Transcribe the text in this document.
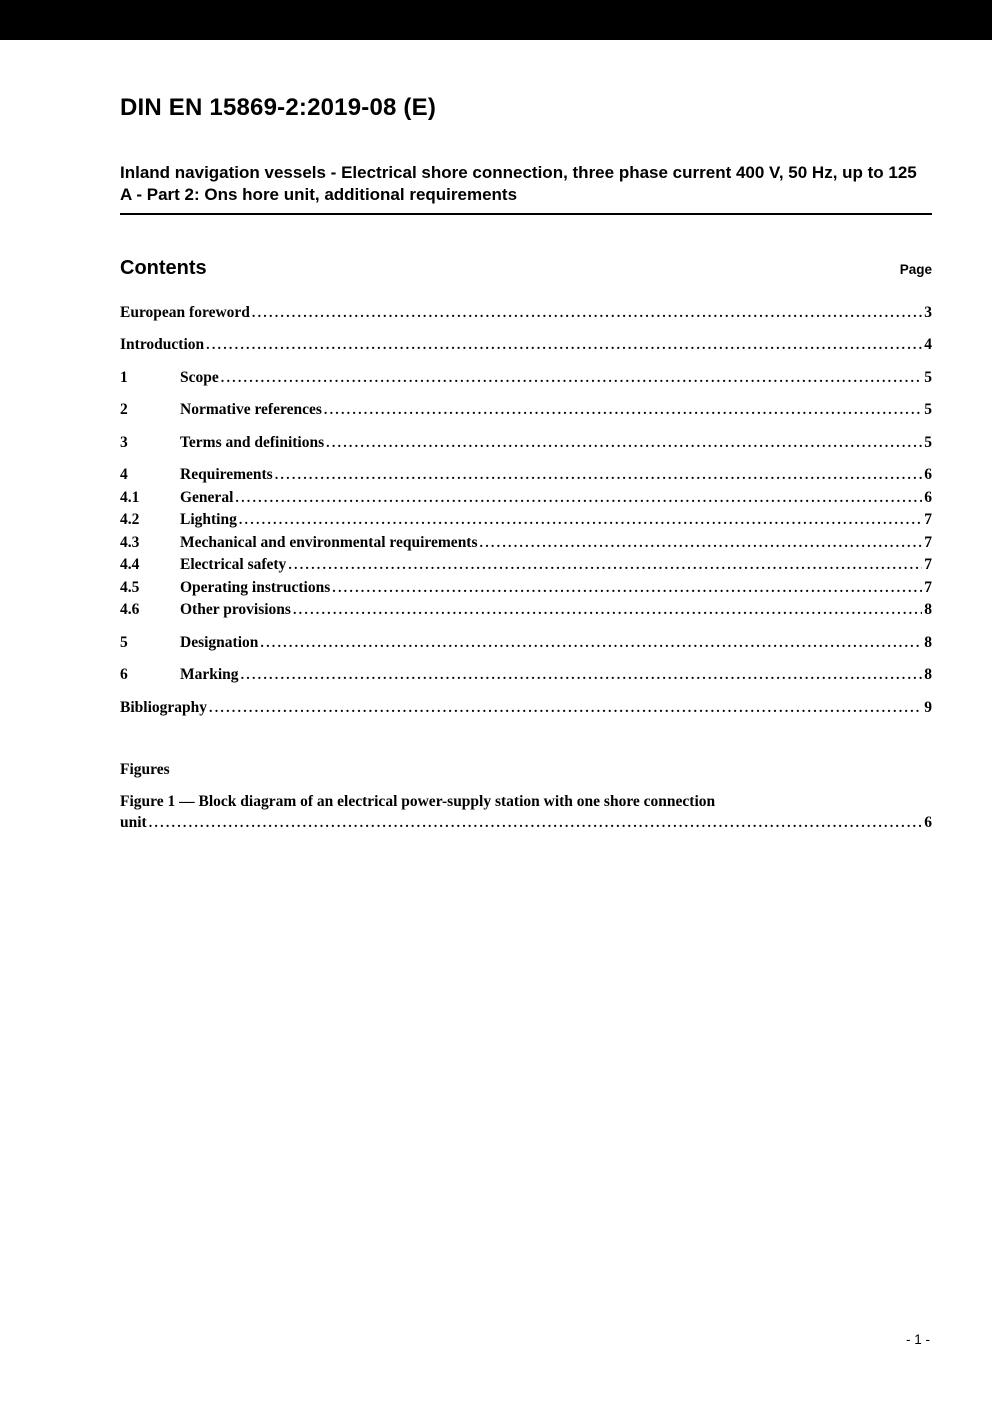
DIN EN 15869-2:2019-08 (E)
Inland navigation vessels - Electrical shore connection, three phase current 400 V, 50 Hz, up to 125 A - Part 2: Ons hore unit, additional requirements
Contents	Page
European foreword .....	3
Introduction .....	4
1	Scope .....	5
2	Normative references .....	5
3	Terms and definitions .....	5
4	Requirements .....	6
4.1	General .....	6
4.2	Lighting .....	7
4.3	Mechanical and environmental requirements .....	7
4.4	Electrical safety .....	7
4.5	Operating instructions .....	7
4.6	Other provisions .....	8
5	Designation .....	8
6	Marking .....	8
Bibliography .....	9
Figures
Figure 1 — Block diagram of an electrical power-supply station with one shore connection
unit .....	6
- 1 -
